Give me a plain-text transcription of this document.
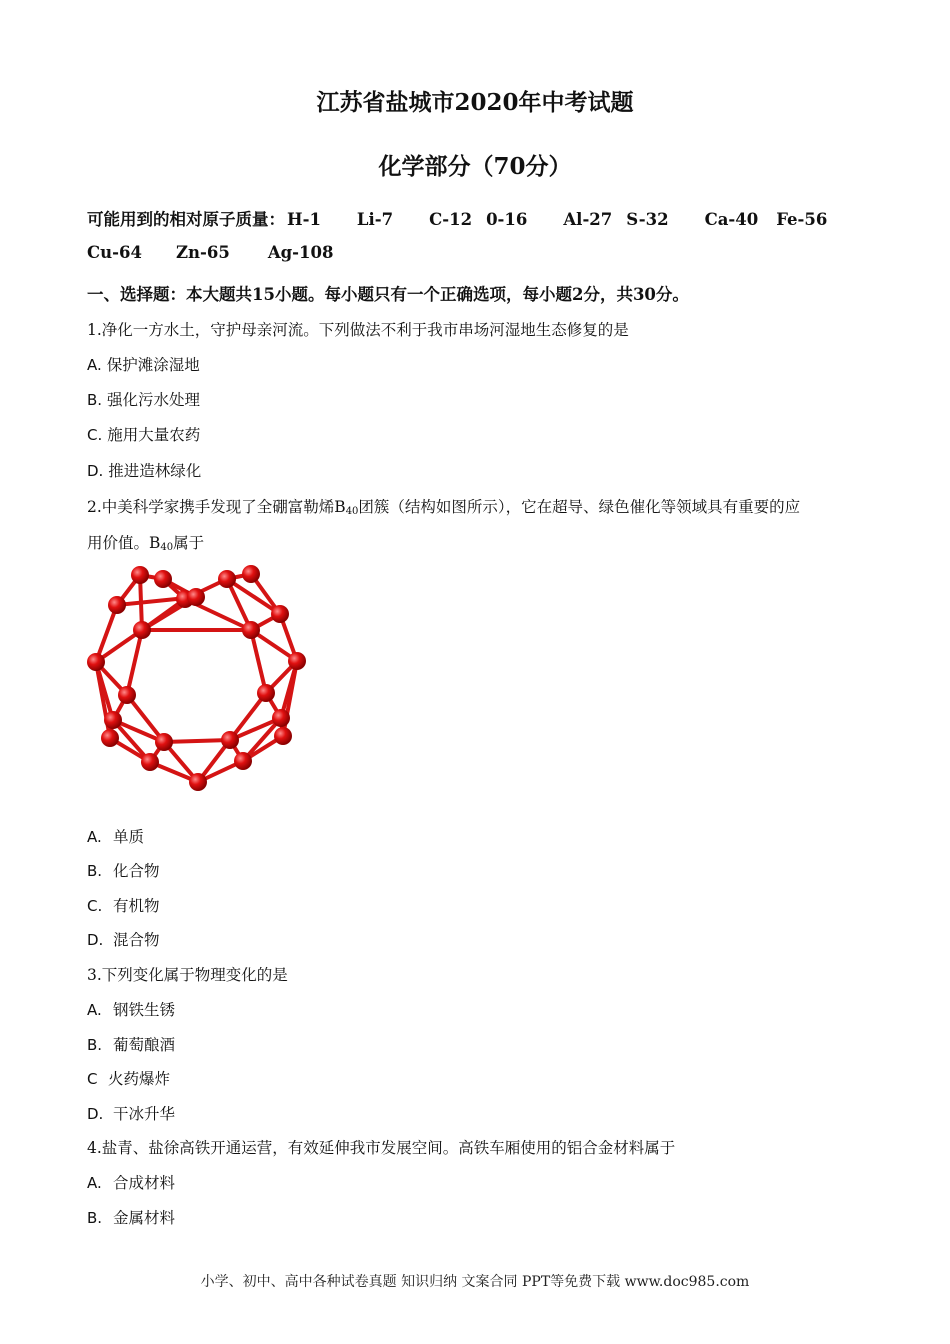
江苏省盐城市2020年中考试题
化学部分（70分）
可能用到的相对原子质量： H-1 Li-7 C-12 0-16 Al-27 S-32 Ca-40 Fe-56
Cu-64 Zn-65 Ag-108
一、选择题：本大题共15小题。每小题只有一个正确选项，每小题2分，共30分。
1.净化一方水土，守护母亲河流。下列做法不利于我市串场河湿地生态修复的是
A. 保护滩涂湿地
B. 强化污水处理
C. 施用大量农药
D. 推进造林绿化
2.中美科学家携手发现了全硼富勒烯$B_{40}$团簇（结构如图所示），它在超导、绿色催化等领域具有重要的应
用价值。$B_{40}$属于
A. 单质
B. 化合物
C. 有机物
D. 混合物
3.下列变化属于物理变化的是
A. 钢铁生锈
B. 葡萄酿酒
C 火药爆炸
D. 干冰升华
4.盐青、盐徐高铁开通运营，有效延伸我市发展空间。高铁车厢使用的铝合金材料属于
A. 合成材料
B. 金属材料
小学、初中、高中各种试卷真题 知识归纳 文案合同 PPT等免费下载 www.doc985.com
